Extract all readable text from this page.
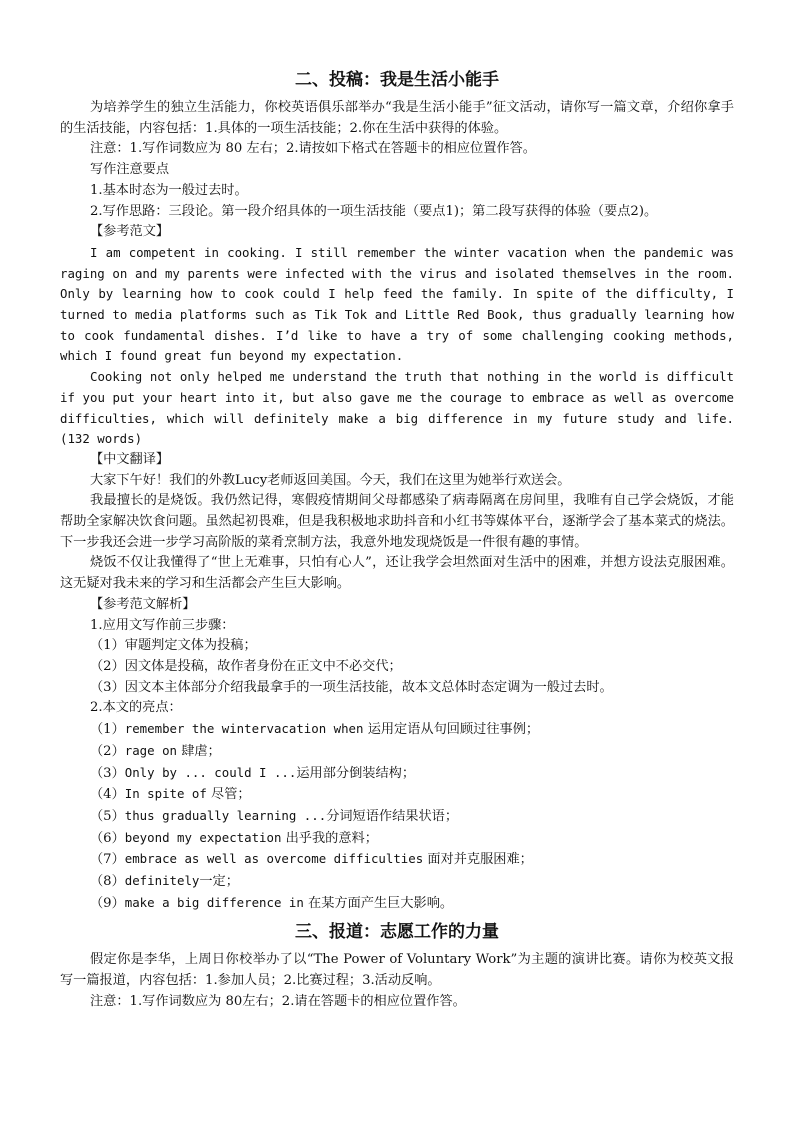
二、投稿：我是生活小能手

为培养学生的独立生活能力，你校英语俱乐部举办“我是生活小能手”征文活动，请你写一篇文章，介绍你拿手的生活技能，内容包括：1.具体的一项生活技能；2.你在生活中获得的体验。

注意：1.写作词数应为 80 左右；2.请按如下格式在答题卡的相应位置作答。

写作注意要点

1.基本时态为一般过去时。

2.写作思路：三段论。第一段介绍具体的一项生活技能（要点1)；第二段写获得的体验（要点2)。

【参考范文】

I am competent in cooking. I still remember the winter vacation when the pandemic was raging on and my parents were infected with the virus and isolated themselves in the room. Only by learning how to cook could I help feed the family. In spite of the difficulty, I turned to media platforms such as Tik Tok and Little Red Book, thus gradually learning how to cook fundamental dishes. I’d like to have a try of some challenging cooking methods, which I found great fun beyond my expectation.

Cooking not only helped me understand the truth that nothing in the world is difficult if you put your heart into it, but also gave me the courage to embrace as well as overcome difficulties, which will definitely make a big difference in my future study and life. (132 words)

【中文翻译】

大家下午好！我们的外教Lucy老师返回美国。今天，我们在这里为她举行欢送会。

我最擅长的是烧饭。我仍然记得，寒假疫情期间父母都感染了病毒隔离在房间里，我唯有自己学会烧饭，才能帮助全家解决饮食问题。虽然起初畏难，但是我积极地求助抖音和小红书等媒体平台，逐渐学会了基本菜式的烧法。下一步我还会进一步学习高阶版的菜肴烹制方法，我意外地发现烧饭是一件很有趣的事情。

烧饭不仅让我懂得了“世上无难事，只怕有心人”，还让我学会坦然面对生活中的困难，并想方设法克服困难。这无疑对我未来的学习和生活都会产生巨大影响。

【参考范文解析】

1.应用文写作前三步骤：

（1）审题判定文体为投稿；

（2）因文体是投稿，故作者身份在正文中不必交代；

（3）因文本主体部分介绍我最拿手的一项生活技能，故本文总体时态定调为一般过去时。

2.本文的亮点：

（1）remember the wintervacation when 运用定语从句回顾过往事例；

（2）rage on 肆虐；

（3）Only by ... could I ...运用部分倒装结构；

（4）In spite of 尽管；

（5）thus gradually learning ...分词短语作结果状语；

（6）beyond my expectation 出乎我的意料；

（7）embrace as well as overcome difficulties 面对并克服困难；

（8）definitely一定；

（9）make a big difference in 在某方面产生巨大影响。

三、报道：志愿工作的力量

假定你是李华，上周日你校举办了以“The Power of Voluntary Work”为主题的演讲比赛。请你为校英文报写一篇报道，内容包括：1.参加人员；2.比赛过程；3.活动反响。

注意：1.写作词数应为 80左右；2.请在答题卡的相应位置作答。
